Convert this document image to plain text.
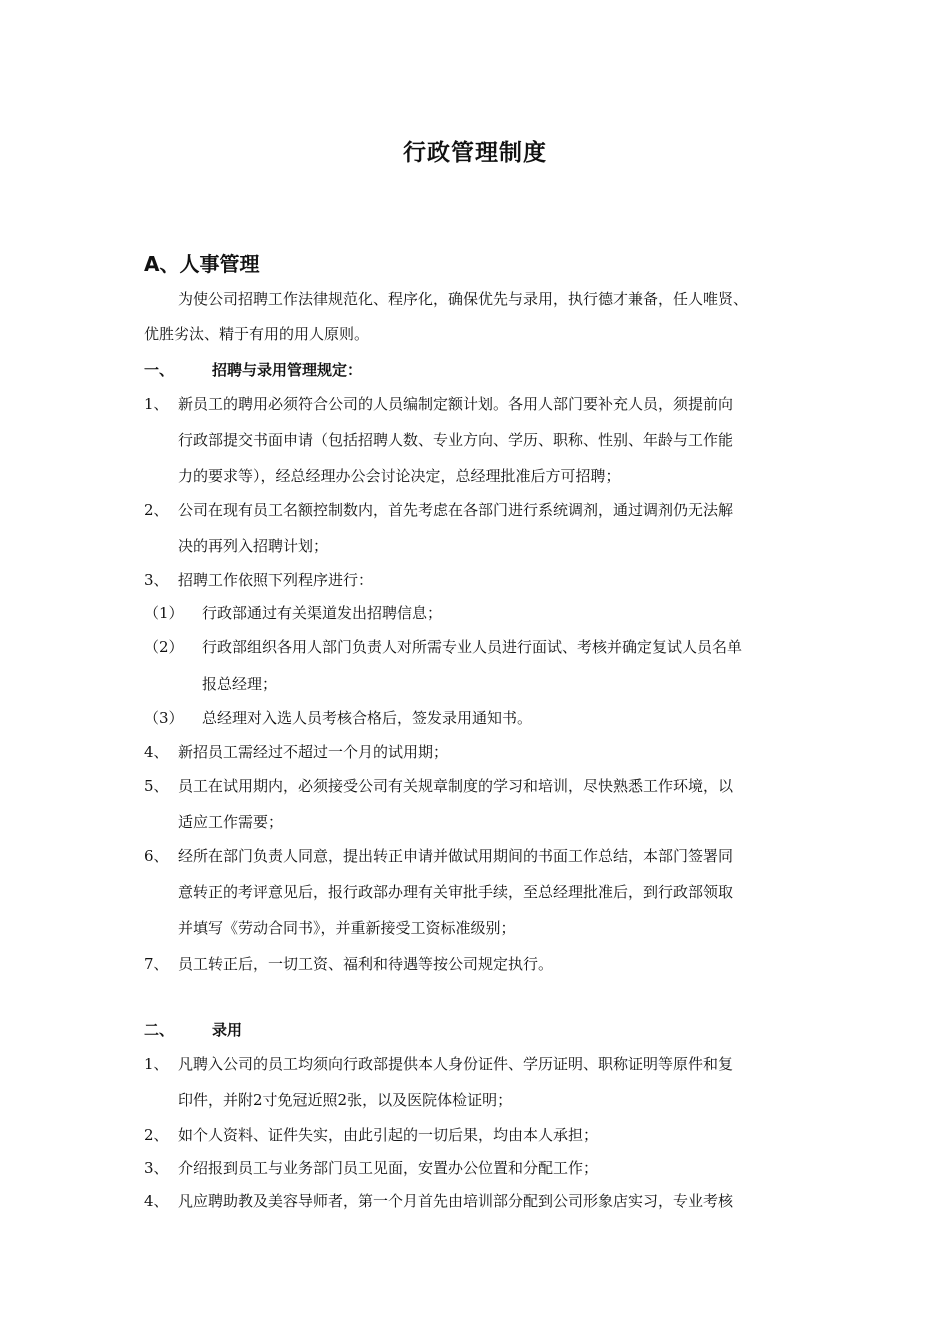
行政管理制度
A、人事管理
为使公司招聘工作法律规范化、程序化，确保优先与录用，执行德才兼备，任人唯贤、
优胜劣汰、精于有用的用人原则。
一、	招聘与录用管理规定：
1、 新员工的聘用必须符合公司的人员编制定额计划。各用人部门要补充人员，须提前向
行政部提交书面申请（包括招聘人数、专业方向、学历、职称、性别、年龄与工作能
力的要求等），经总经理办公会讨论决定，总经理批准后方可招聘；
2、 公司在现有员工名额控制数内，首先考虑在各部门进行系统调剂，通过调剂仍无法解
决的再列入招聘计划；
3、 招聘工作依照下列程序进行：
（1） 行政部通过有关渠道发出招聘信息；
（2） 行政部组织各用人部门负责人对所需专业人员进行面试、考核并确定复试人员名单
报总经理；
（3） 总经理对入选人员考核合格后，签发录用通知书。
4、 新招员工需经过不超过一个月的试用期；
5、 员工在试用期内，必须接受公司有关规章制度的学习和培训，尽快熟悉工作环境，以
适应工作需要；
6、 经所在部门负责人同意，提出转正申请并做试用期间的书面工作总结，本部门签署同
意转正的考评意见后，报行政部办理有关审批手续，至总经理批准后，到行政部领取
并填写《劳动合同书》，并重新接受工资标准级别；
7、 员工转正后，一切工资、福利和待遇等按公司规定执行。
二、	录用
1、 凡聘入公司的员工均须向行政部提供本人身份证件、学历证明、职称证明等原件和复
印件，并附2寸免冠近照2张，以及医院体检证明；
2、 如个人资料、证件失实，由此引起的一切后果，均由本人承担；
3、 介绍报到员工与业务部门员工见面，安置办公位置和分配工作；
4、 凡应聘助教及美容导师者，第一个月首先由培训部分配到公司形象店实习，专业考核
